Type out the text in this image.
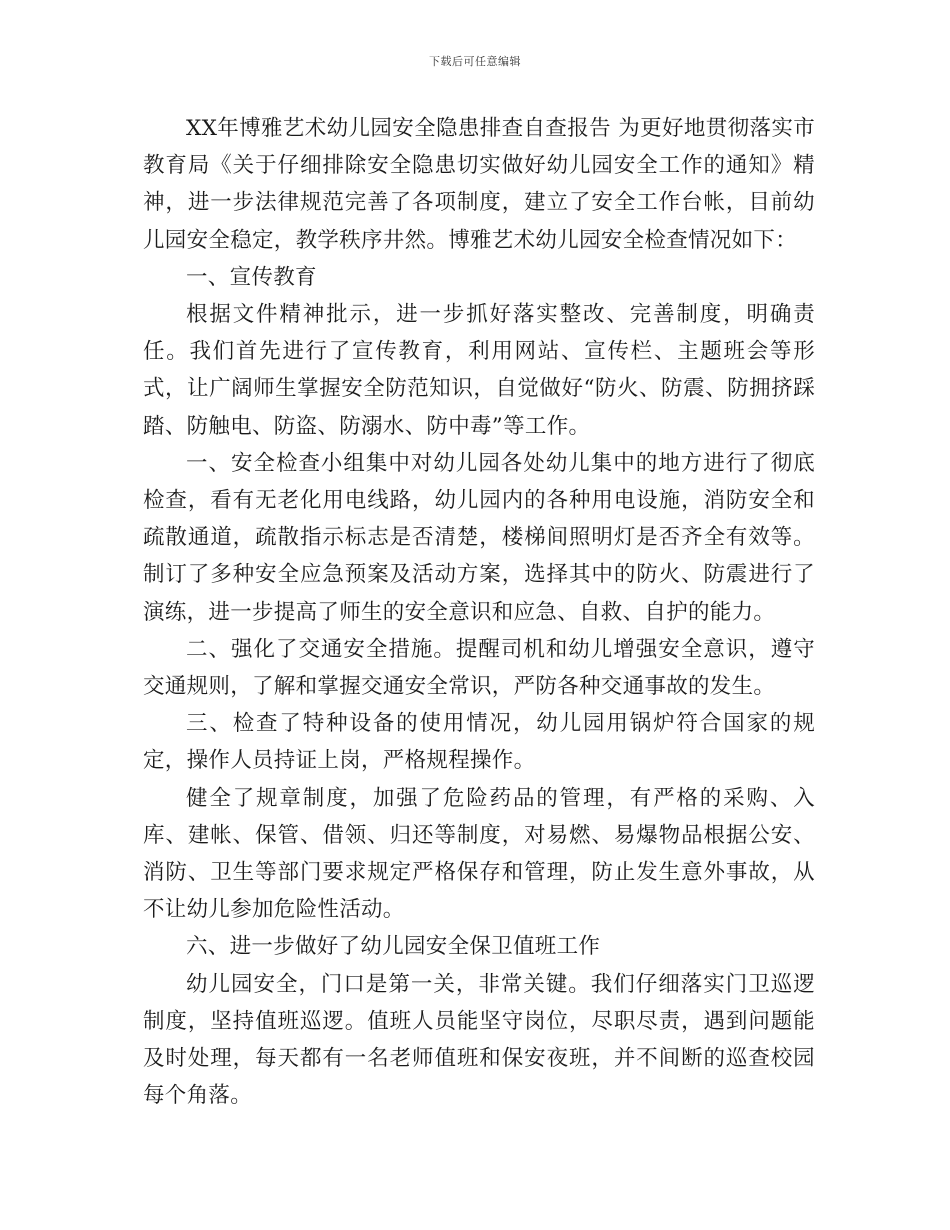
下载后可任意编辑

XX年博雅艺术幼儿园安全隐患排查自查报告 为更好地贯彻落实市教育局《关于仔细排除安全隐患切实做好幼儿园安全工作的通知》精神，进一步法律规范完善了各项制度，建立了安全工作台帐，目前幼儿园安全稳定，教学秩序井然。博雅艺术幼儿园安全检查情况如下：

一、宣传教育

根据文件精神批示，进一步抓好落实整改、完善制度，明确责任。我们首先进行了宣传教育，利用网站、宣传栏、主题班会等形式，让广阔师生掌握安全防范知识，自觉做好“防火、防震、防拥挤踩踏、防触电、防盗、防溺水、防中毒”等工作。

一、安全检查小组集中对幼儿园各处幼儿集中的地方进行了彻底检查，看有无老化用电线路，幼儿园内的各种用电设施，消防安全和疏散通道，疏散指示标志是否清楚，楼梯间照明灯是否齐全有效等。制订了多种安全应急预案及活动方案，选择其中的防火、防震进行了演练，进一步提高了师生的安全意识和应急、自救、自护的能力。

二、强化了交通安全措施。提醒司机和幼儿增强安全意识，遵守交通规则，了解和掌握交通安全常识，严防各种交通事故的发生。

三、检查了特种设备的使用情况，幼儿园用锅炉符合国家的规定，操作人员持证上岗，严格规程操作。

健全了规章制度，加强了危险药品的管理，有严格的采购、入库、建帐、保管、借领、归还等制度，对易燃、易爆物品根据公安、消防、卫生等部门要求规定严格保存和管理，防止发生意外事故，从不让幼儿参加危险性活动。

六、进一步做好了幼儿园安全保卫值班工作

幼儿园安全，门口是第一关，非常关键。我们仔细落实门卫巡逻制度，坚持值班巡逻。值班人员能坚守岗位，尽职尽责，遇到问题能及时处理，每天都有一名老师值班和保安夜班，并不间断的巡查校园每个角落。
